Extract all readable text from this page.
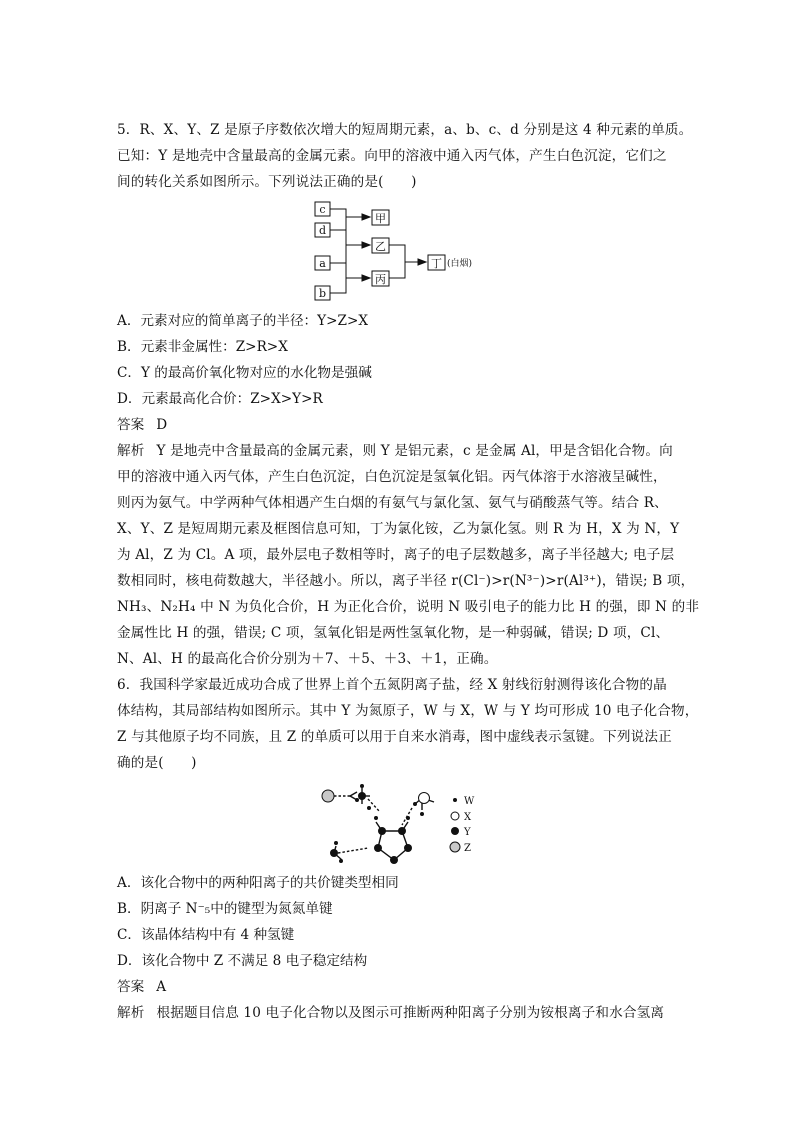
5．R、X、Y、Z 是原子序数依次增大的短周期元素，a、b、c、d 分别是这 4 种元素的单质。
已知：Y 是地壳中含量最高的金属元素。向甲的溶液中通入丙气体，产生白色沉淀，它们之
间的转化关系如图所示。下列说法正确的是(　　)
c
d
a
b
甲
乙
丙
丁 (白烟)
A．元素对应的简单离子的半径：Y>Z>X
B．元素非金属性：Z>R>X
C．Y 的最高价氧化物对应的水化物是强碱
D．元素最高化合价：Z>X>Y>R
答案 D
解析 Y 是地壳中含量最高的金属元素，则 Y 是铝元素，c 是金属 Al，甲是含铝化合物。向
甲的溶液中通入丙气体，产生白色沉淀，白色沉淀是氢氧化铝。丙气体溶于水溶液呈碱性，
则丙为氨气。中学两种气体相遇产生白烟的有氨气与氯化氢、氨气与硝酸蒸气等。结合 R、
X、Y、Z 是短周期元素及框图信息可知，丁为氯化铵，乙为氯化氢。则 R 为 H，X 为 N，Y
为 Al，Z 为 Cl。A 项，最外层电子数相等时，离子的电子层数越多，离子半径越大; 电子层
数相同时，核电荷数越大，半径越小。所以，离子半径 r(Cl⁻)>r(N³⁻)>r(Al³⁺)，错误; B 项，
NH₃、N₂H₄ 中 N 为负化合价，H 为正化合价，说明 N 吸引电子的能力比 H 的强，即 N 的非
金属性比 H 的强，错误; C 项，氢氧化铝是两性氢氧化物，是一种弱碱，错误; D 项，Cl、
N、Al、H 的最高化合价分别为＋7、＋5、＋3、＋1，正确。
6．我国科学家最近成功合成了世界上首个五氮阴离子盐，经 X 射线衍射测得该化合物的晶
体结构，其局部结构如图所示。其中 Y 为氮原子，W 与 X，W 与 Y 均可形成 10 电子化合物，
Z 与其他原子均不同族，且 Z 的单质可以用于自来水消毒，图中虚线表示氢键。下列说法正
确的是(　　)
W
X
Y
Z
A．该化合物中的两种阳离子的共价键类型相同
B．阴离子 N⁻₅中的键型为氮氮单键
C．该晶体结构中有 4 种氢键
D．该化合物中 Z 不满足 8 电子稳定结构
答案 A
解析 根据题目信息 10 电子化合物以及图示可推断两种阳离子分别为铵根离子和水合氢离
